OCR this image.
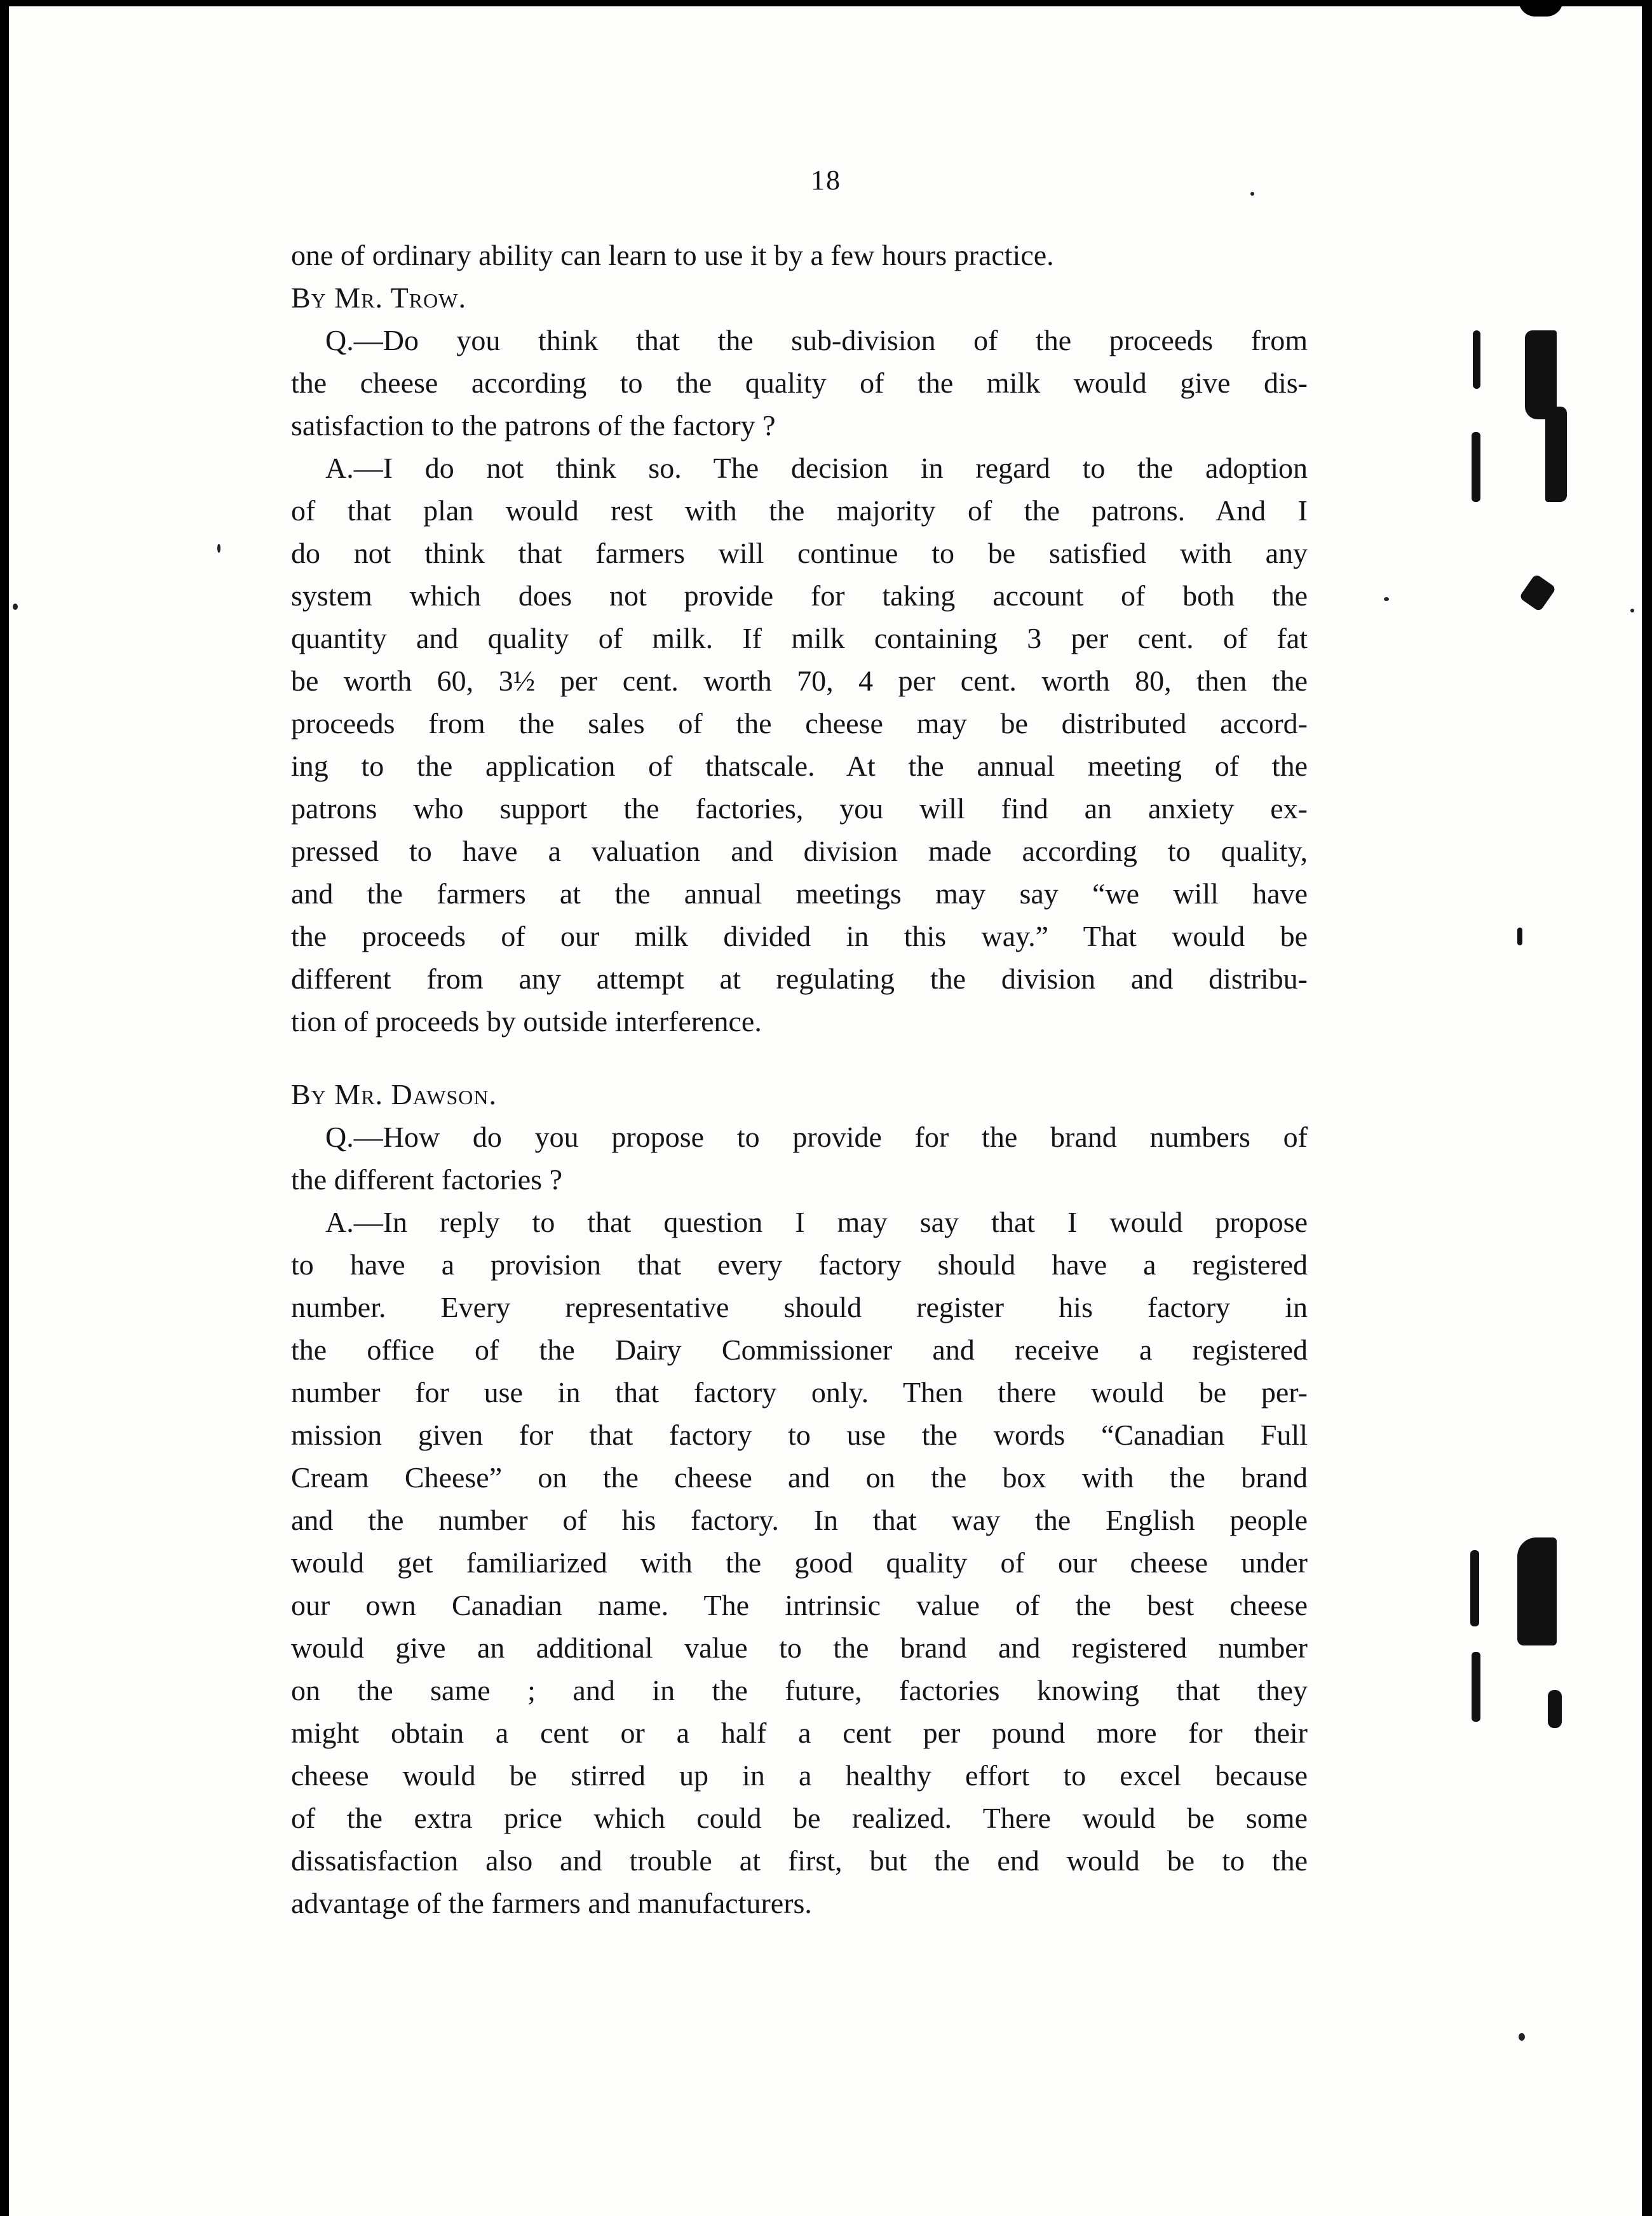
18
one of ordinary ability can learn to use it by a few hours practice.
By Mr. Trow.
Q.—Do you think that the sub-division of the proceeds from
the cheese according to the quality of the milk would give dis-
satisfaction to the patrons of the factory ?
A.—I do not think so. The decision in regard to the adoption
of that plan would rest with the majority of the patrons. And I
do not think that farmers will continue to be satisfied with any
system which does not provide for taking account of both the
quantity and quality of milk. If milk containing 3 per cent. of fat
be worth 60, 3½ per cent. worth 70, 4 per cent. worth 80, then the
proceeds from the sales of the cheese may be distributed accord-
ing to the application of thatscale. At the annual meeting of the
patrons who support the factories, you will find an anxiety ex-
pressed to have a valuation and division made according to quality,
and the farmers at the annual meetings may say “we will have
the proceeds of our milk divided in this way.” That would be
different from any attempt at regulating the division and distribu-
tion of proceeds by outside interference.
By Mr. Dawson.
Q.—How do you propose to provide for the brand numbers of
the different factories ?
A.—In reply to that question I may say that I would propose
to have a provision that every factory should have a registered
number. Every representative should register his factory in
the office of the Dairy Commissioner and receive a registered
number for use in that factory only. Then there would be per-
mission given for that factory to use the words “Canadian Full
Cream Cheese” on the cheese and on the box with the brand
and the number of his factory. In that way the English people
would get familiarized with the good quality of our cheese under
our own Canadian name. The intrinsic value of the best cheese
would give an additional value to the brand and registered number
on the same ; and in the future, factories knowing that they
might obtain a cent or a half a cent per pound more for their
cheese would be stirred up in a healthy effort to excel because
of the extra price which could be realized. There would be some
dissatisfaction also and trouble at first, but the end would be to the
advantage of the farmers and manufacturers.
